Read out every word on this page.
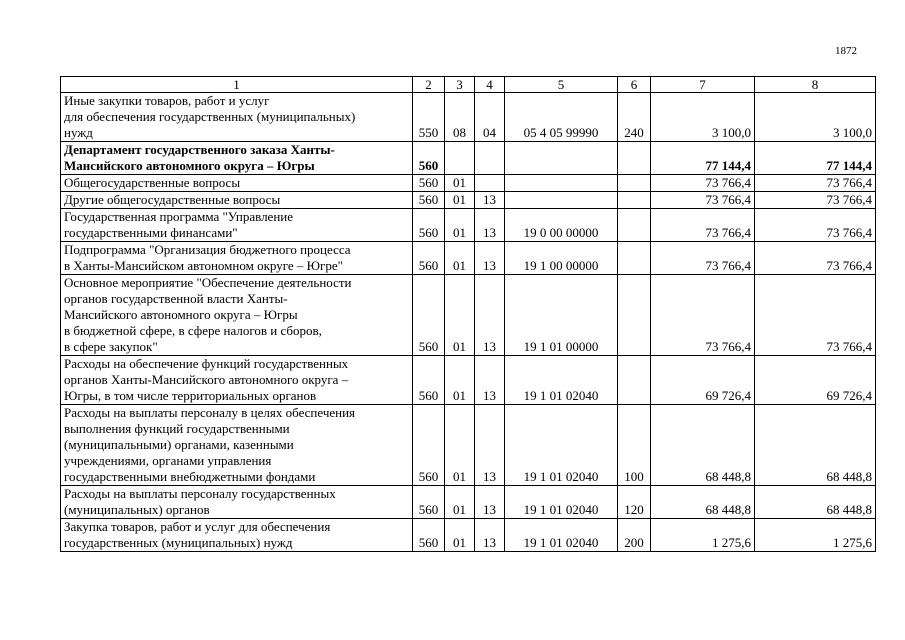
1872
1	2	3	4	5	6	7	8
Иные закупки товаров, работ и услуг
для обеспечения государственных (муниципальных)
нужд	550	08	04	05 4 05 99990	240	3 100,0	3 100,0
Департамент государственного заказа Ханты-
Мансийского автономного округа – Югры	560					77 144,4	77 144,4
Общегосударственные вопросы	560	01				73 766,4	73 766,4
Другие общегосударственные вопросы	560	01	13			73 766,4	73 766,4
Государственная программа "Управление
государственными финансами"	560	01	13	19 0 00 00000		73 766,4	73 766,4
Подпрограмма "Организация бюджетного процесса
в Ханты-Мансийском автономном округе – Югре"	560	01	13	19 1 00 00000		73 766,4	73 766,4
Основное мероприятие "Обеспечение деятельности
органов государственной власти Ханты-
Мансийского автономного округа – Югры
в бюджетной сфере, в сфере налогов и сборов,
в сфере закупок"	560	01	13	19 1 01 00000		73 766,4	73 766,4
Расходы на обеспечение функций государственных
органов Ханты-Мансийского автономного округа –
Югры, в том числе территориальных органов	560	01	13	19 1 01 02040		69 726,4	69 726,4
Расходы на выплаты персоналу в целях обеспечения
выполнения функций государственными
(муниципальными) органами, казенными
учреждениями, органами управления
государственными внебюджетными фондами	560	01	13	19 1 01 02040	100	68 448,8	68 448,8
Расходы на выплаты персоналу государственных
(муниципальных) органов	560	01	13	19 1 01 02040	120	68 448,8	68 448,8
Закупка товаров, работ и услуг для обеспечения
государственных (муниципальных) нужд	560	01	13	19 1 01 02040	200	1 275,6	1 275,6
